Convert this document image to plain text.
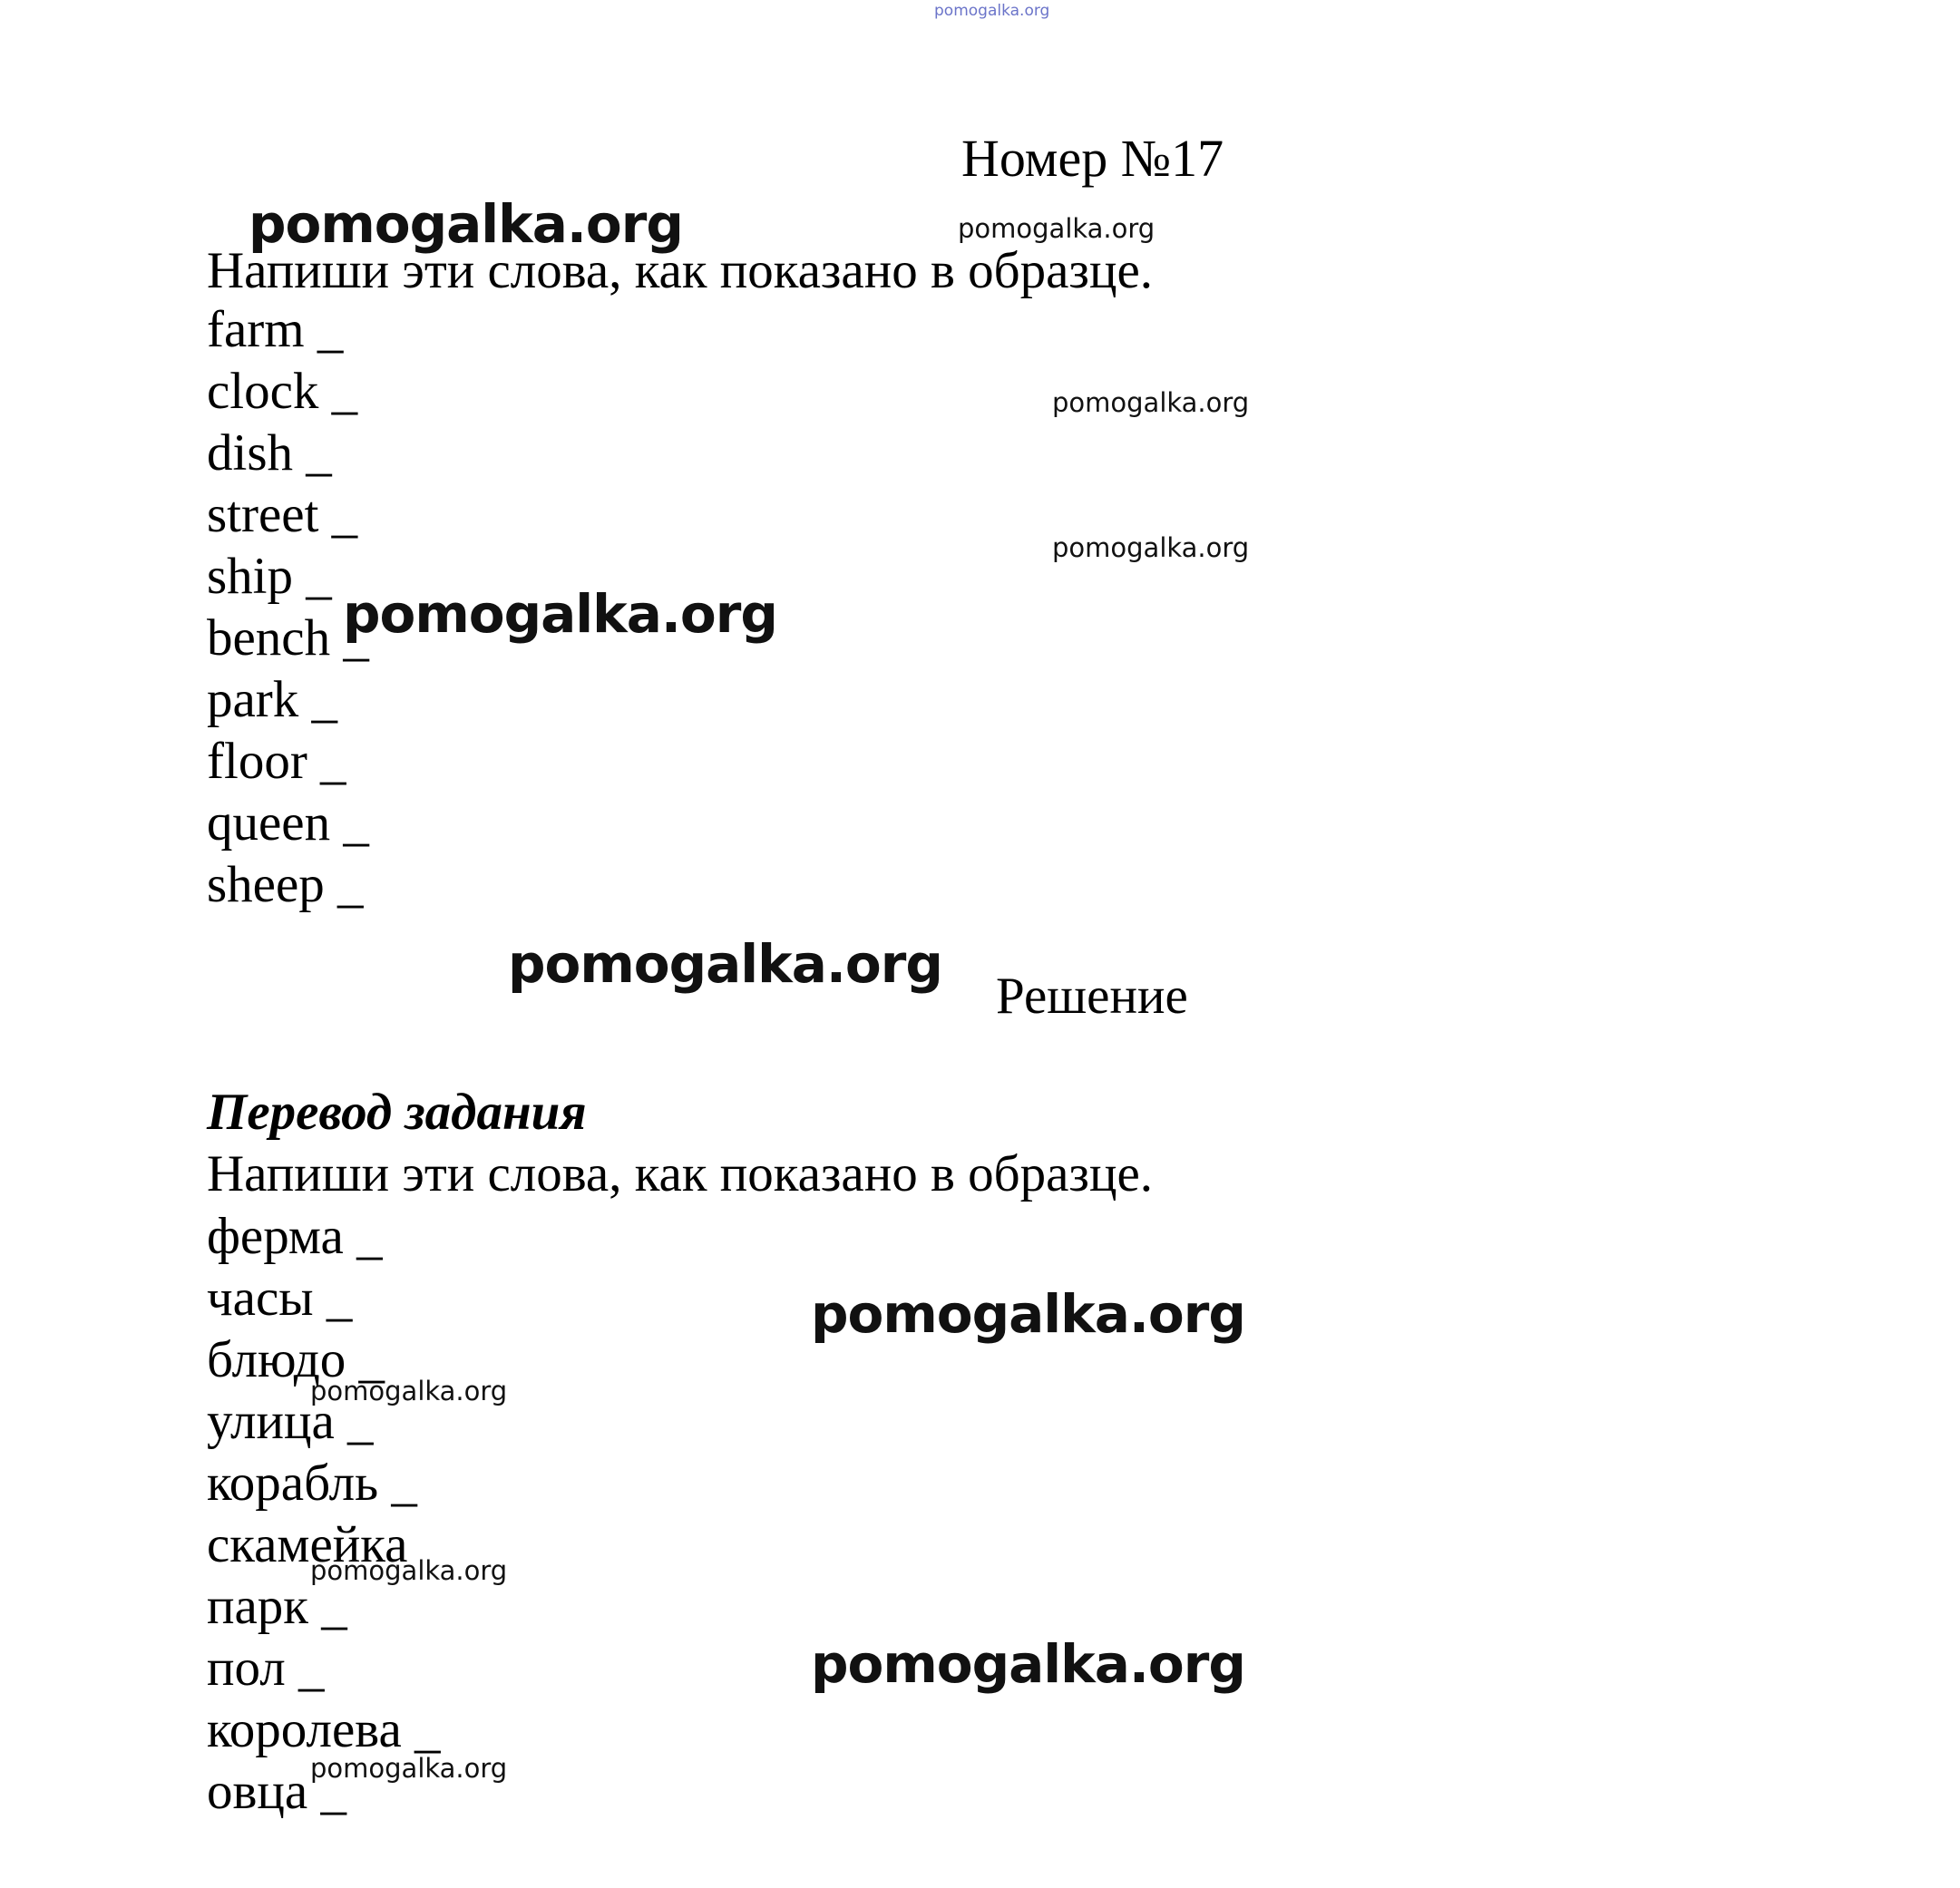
pomogalka.org
Номер №17
Напиши эти слова, как показано в образце.
farm _
clock _
dish _
street _
ship _
bench _
park _
floor _
queen _
sheep _
Решение
Перевод задания
Напиши эти слова, как показано в образце.
ферма _
часы _
блюдо _
улица _
корабль _
скамейка
парк _
пол _
королева _
овца _
pomogalka.org	pomogalka.org
pomogalka.org
pomogalka.org
pomogalka.org
pomogalka.org
pomogalka.org
pomogalka.org
pomogalka.org
pomogalka.org
pomogalka.org
